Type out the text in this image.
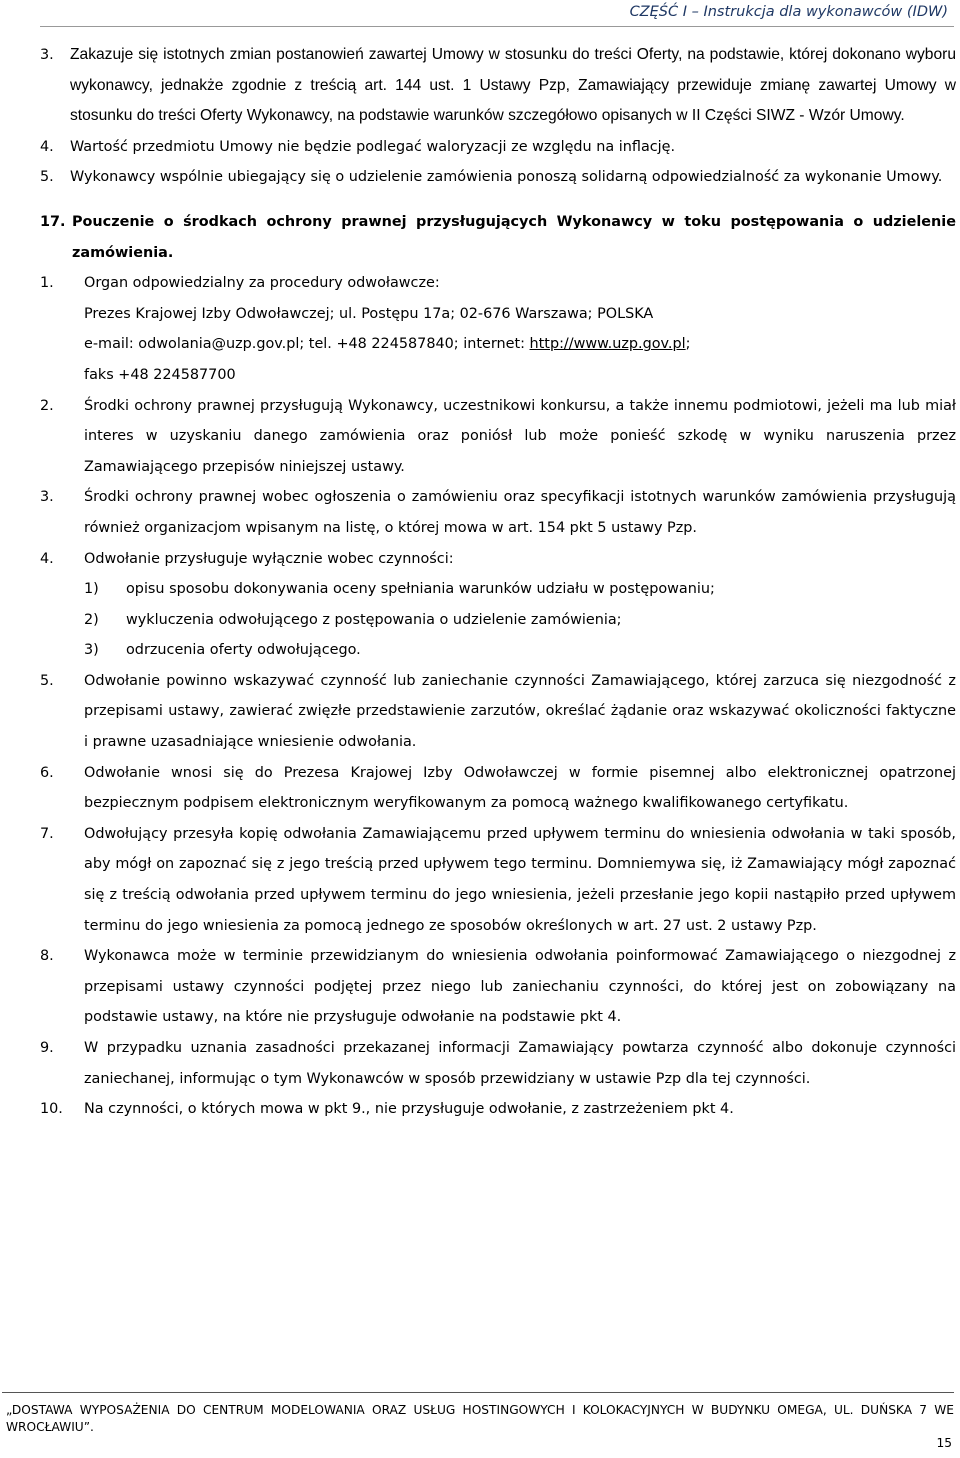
CZĘŚĆ I – Instrukcja dla wykonawców (IDW)
3.	Zakazuje się istotnych zmian postanowień zawartej Umowy w stosunku do treści Oferty, na podstawie, której dokonano wyboru wykonawcy, jednakże zgodnie z treścią art. 144 ust. 1 Ustawy Pzp, Zamawiający przewiduje zmianę zawartej Umowy w stosunku do treści Oferty Wykonawcy, na podstawie warunków szczegółowo opisanych w II Części SIWZ - Wzór Umowy.
4.	Wartość przedmiotu Umowy nie będzie podlegać waloryzacji ze względu na inflację.
5.	Wykonawcy wspólnie ubiegający się o udzielenie zamówienia ponoszą solidarną odpowiedzialność za wykonanie Umowy.
17. Pouczenie o środkach ochrony prawnej przysługujących Wykonawcy w toku postępowania o udzielenie zamówienia.
1.	Organ odpowiedzialny za procedury odwoławcze:
Prezes Krajowej Izby Odwoławczej; ul. Postępu 17a; 02-676 Warszawa; POLSKA
e-mail: odwolania@uzp.gov.pl; tel. +48 224587840; internet: http://www.uzp.gov.pl;
faks +48 224587700
2.	Środki ochrony prawnej przysługują Wykonawcy, uczestnikowi konkursu, a także innemu podmiotowi, jeżeli ma lub miał interes w uzyskaniu danego zamówienia oraz poniósł lub może ponieść szkodę w wyniku naruszenia przez Zamawiającego przepisów niniejszej ustawy.
3.	Środki ochrony prawnej wobec ogłoszenia o zamówieniu oraz specyfikacji istotnych warunków zamówienia przysługują również organizacjom wpisanym na listę, o której mowa w art. 154 pkt 5 ustawy Pzp.
4.	Odwołanie przysługuje wyłącznie wobec czynności:
1)	opisu sposobu dokonywania oceny spełniania warunków udziału w postępowaniu;
2)	wykluczenia odwołującego z postępowania o udzielenie zamówienia;
3)	odrzucenia oferty odwołującego.
5.	Odwołanie powinno wskazywać czynność lub zaniechanie czynności Zamawiającego, której zarzuca się niezgodność z przepisami ustawy, zawierać zwięzłe przedstawienie zarzutów, określać żądanie oraz wskazywać okoliczności faktyczne i prawne uzasadniające wniesienie odwołania.
6.	Odwołanie wnosi się do Prezesa Krajowej Izby Odwoławczej w formie pisemnej albo elektronicznej opatrzonej bezpiecznym podpisem elektronicznym weryfikowanym za pomocą ważnego kwalifikowanego certyfikatu.
7.	Odwołujący przesyła kopię odwołania Zamawiającemu przed upływem terminu do wniesienia odwołania w taki sposób, aby mógł on zapoznać się z jego treścią przed upływem tego terminu. Domniemywa się, iż Zamawiający mógł zapoznać się z treścią odwołania przed upływem terminu do jego wniesienia, jeżeli przesłanie jego kopii nastąpiło przed upływem terminu do jego wniesienia za pomocą jednego ze sposobów określonych w art. 27 ust. 2 ustawy Pzp.
8.	Wykonawca może w terminie przewidzianym do wniesienia odwołania poinformować Zamawiającego o niezgodnej z przepisami ustawy czynności podjętej przez niego lub zaniechaniu czynności, do której jest on zobowiązany na podstawie ustawy, na które nie przysługuje odwołanie na podstawie pkt 4.
9.	W przypadku uznania zasadności przekazanej informacji Zamawiający powtarza czynność albo dokonuje czynności zaniechanej, informując o tym Wykonawców w sposób przewidziany w ustawie Pzp dla tej czynności.
10.	Na czynności, o których mowa w pkt 9., nie przysługuje odwołanie, z zastrzeżeniem pkt 4.
„DOSTAWA WYPOSAŻENIA DO CENTRUM MODELOWANIA ORAZ USŁUG HOSTINGOWYCH I KOLOKACYJNYCH W BUDYNKU OMEGA, UL. DUŃSKA 7 WE WROCŁAWIU”.
15
